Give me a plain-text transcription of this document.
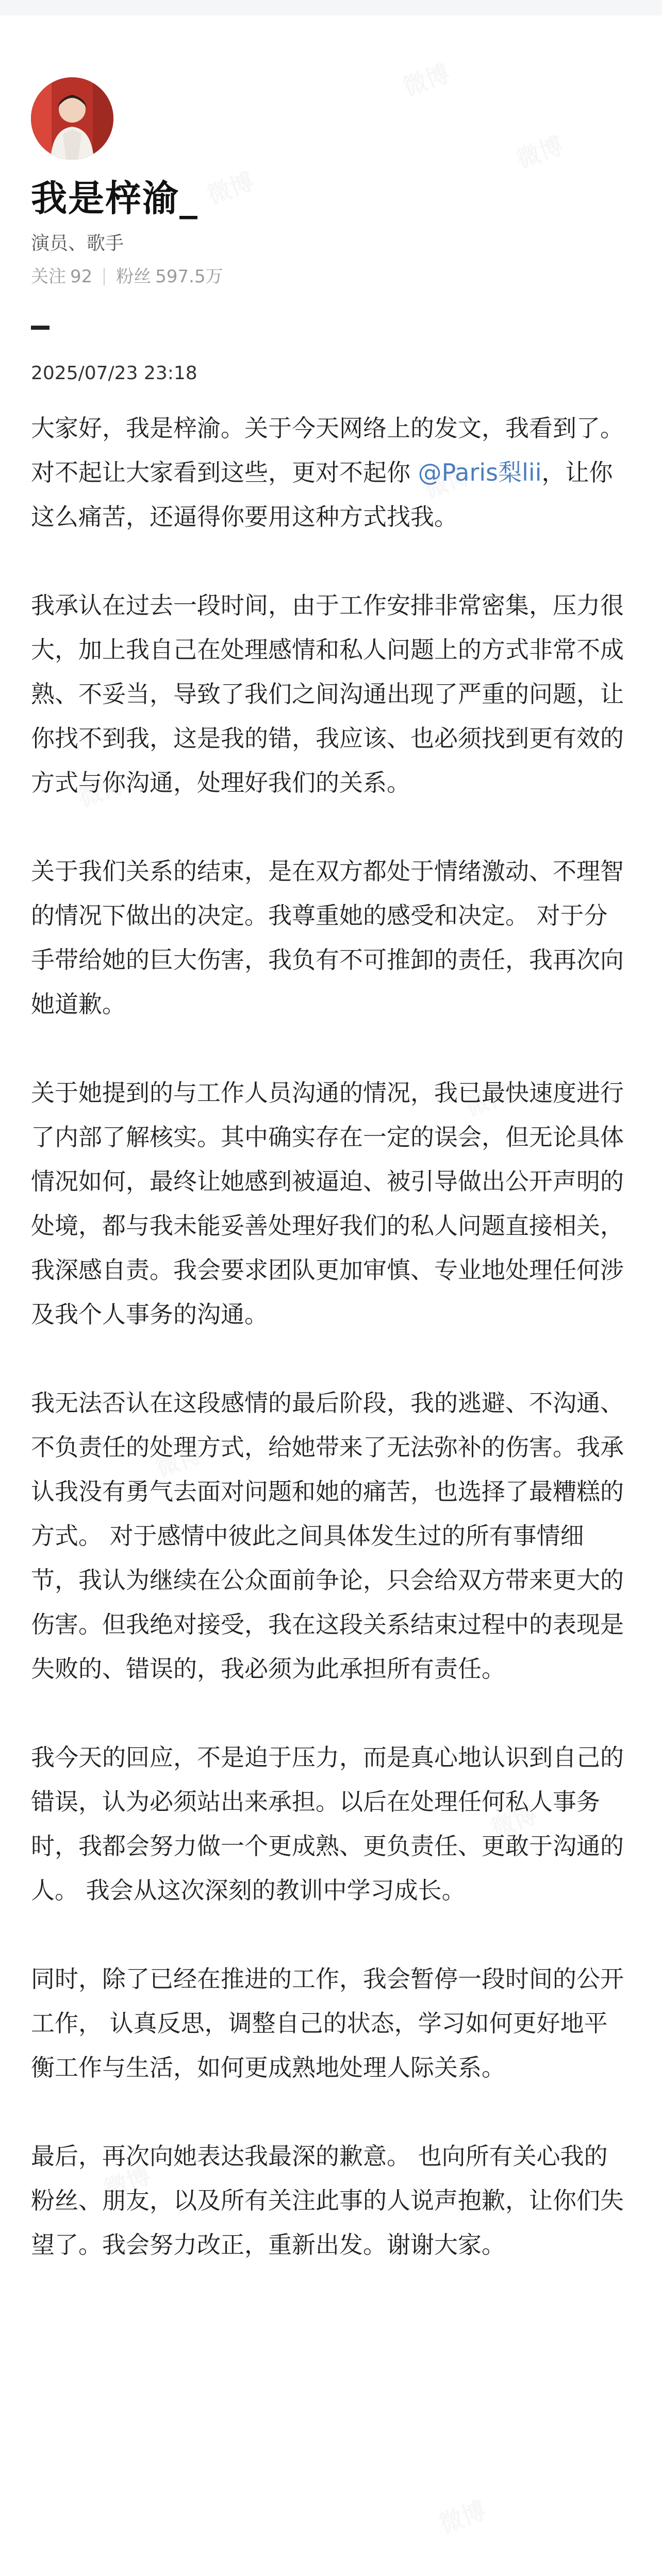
我是梓渝_
演员、歌手
关注 92 粉丝 597.5万
2025/07/23 23:18

大家好，我是梓渝。关于今天网络上的发文，我看到了。对不起让大家看到这些，更对不起你 @Paris梨lii，让你这么痛苦，还逼得你要用这种方式找我。

我承认在过去一段时间，由于工作安排非常密集，压力很大，加上我自己在处理感情和私人问题上的方式非常不成熟、不妥当，导致了我们之间沟通出现了严重的问题，让你找不到我，这是我的错，我应该、也必须找到更有效的方式与你沟通，处理好我们的关系。

关于我们关系的结束，是在双方都处于情绪激动、不理智的情况下做出的决定。我尊重她的感受和决定。 对于分手带给她的巨大伤害，我负有不可推卸的责任，我再次向她道歉。

关于她提到的与工作人员沟通的情况，我已最快速度进行了内部了解核实。其中确实存在一定的误会，但无论具体情况如何，最终让她感到被逼迫、被引导做出公开声明的处境，都与我未能妥善处理好我们的私人问题直接相关，我深感自责。我会要求团队更加审慎、专业地处理任何涉及我个人事务的沟通。

我无法否认在这段感情的最后阶段，我的逃避、不沟通、不负责任的处理方式，给她带来了无法弥补的伤害。我承认我没有勇气去面对问题和她的痛苦，也选择了最糟糕的方式。 对于感情中彼此之间具体发生过的所有事情细节，我认为继续在公众面前争论，只会给双方带来更大的伤害。但我绝对接受，我在这段关系结束过程中的表现是失败的、错误的，我必须为此承担所有责任。

我今天的回应，不是迫于压力，而是真心地认识到自己的错误，认为必须站出来承担。以后在处理任何私人事务时，我都会努力做一个更成熟、更负责任、更敢于沟通的人。 我会从这次深刻的教训中学习成长。

同时，除了已经在推进的工作，我会暂停一段时间的公开工作， 认真反思，调整自己的状态，学习如何更好地平衡工作与生活，如何更成熟地处理人际关系。

最后，再次向她表达我最深的歉意。 也向所有关心我的粉丝、朋友，以及所有关注此事的人说声抱歉，让你们失望了。我会努力改正，重新出发。谢谢大家。
